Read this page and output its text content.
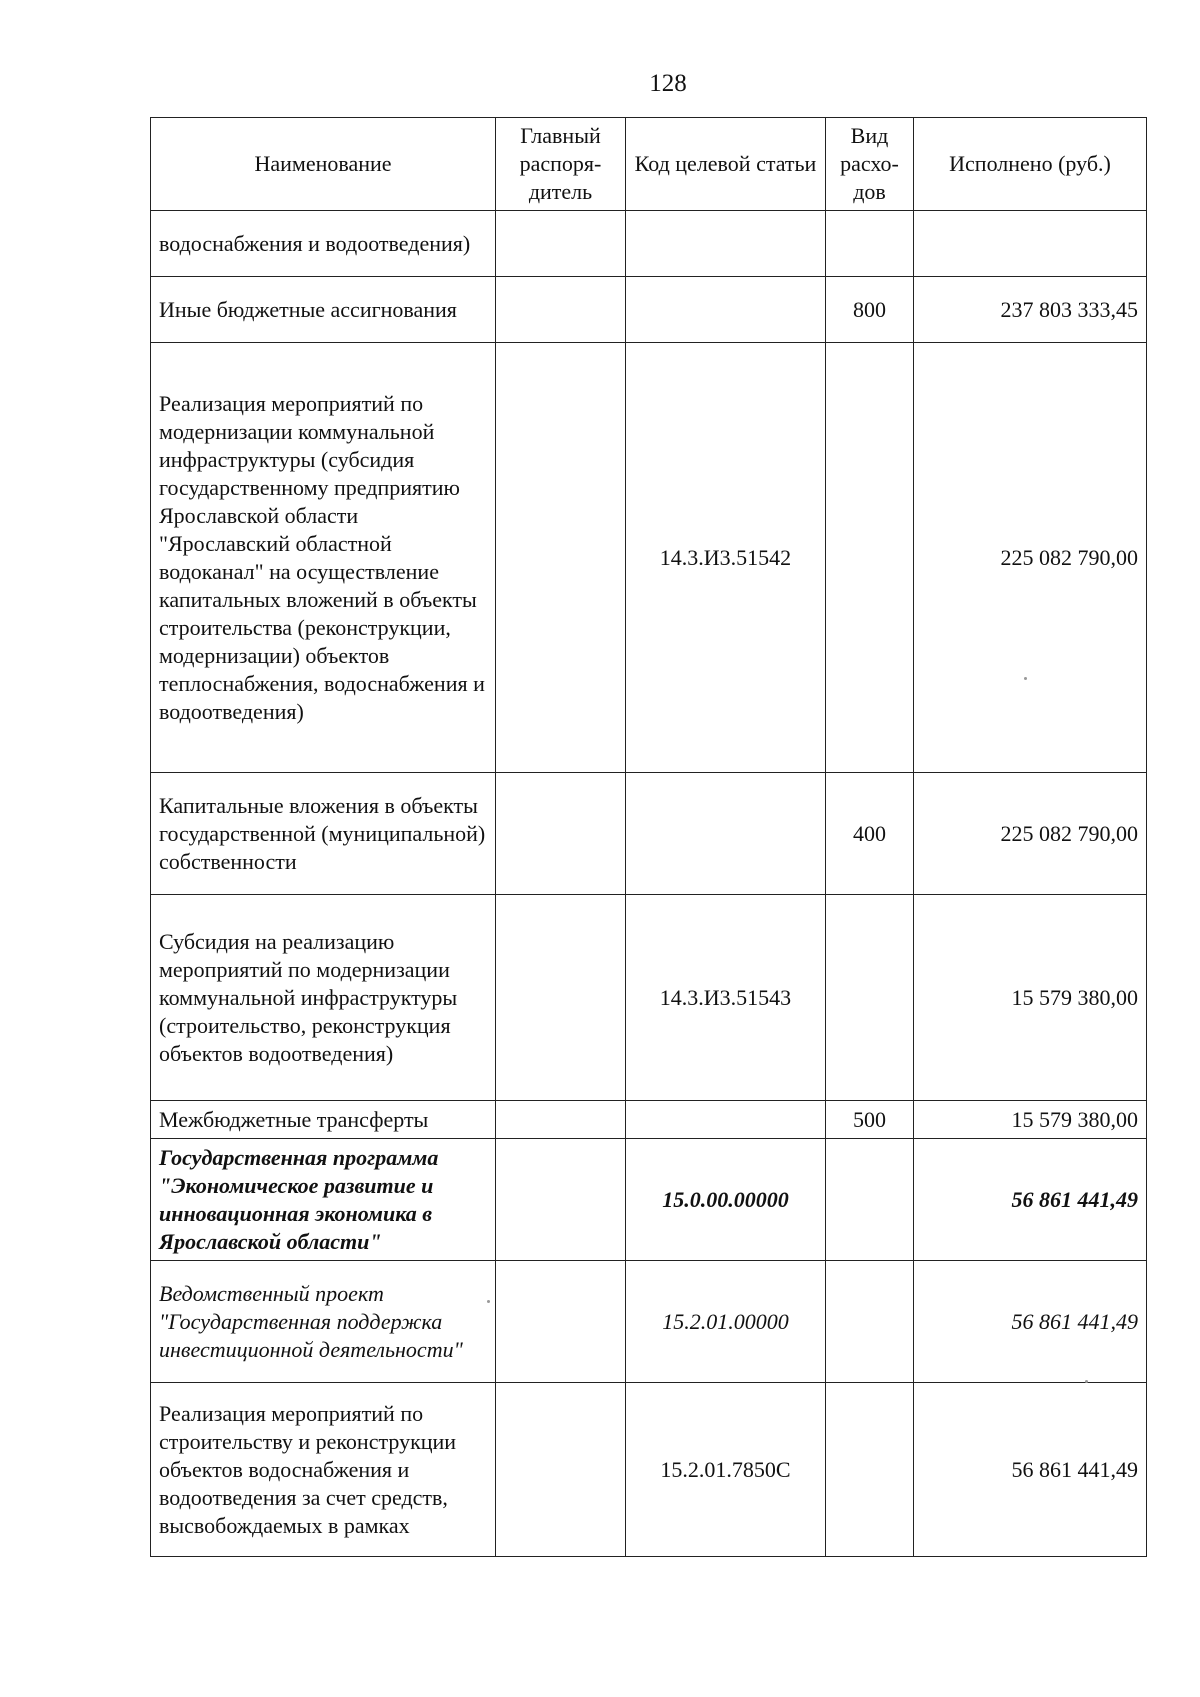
128
Наименование	Главный распоря-дитель	Код целевой статьи	Вид расхо-дов	Исполнено (руб.)
водоснабжения и водоотведения)				
Иные бюджетные ассигнования			800	237 803 333,45
Реализация мероприятий по модернизации коммунальной инфраструктуры (субсидия государственному предприятию Ярославской области "Ярославский областной водоканал" на осуществление капитальных вложений в объекты строительства (реконструкции, модернизации) объектов теплоснабжения, водоснабжения и водоотведения)		14.3.И3.51542		225 082 790,00
Капитальные вложения в объекты государственной (муниципальной) собственности			400	225 082 790,00
Субсидия на реализацию мероприятий по модернизации коммунальной инфраструктуры (строительство, реконструкция объектов водоотведения)		14.3.И3.51543		15 579 380,00
Межбюджетные трансферты			500	15 579 380,00
Государственная программа "Экономическое развитие и инновационная экономика в Ярославской области"		15.0.00.00000		56 861 441,49
Ведомственный проект "Государственная поддержка инвестиционной деятельности"		15.2.01.00000		56 861 441,49
Реализация мероприятий по строительству и реконструкции объектов водоснабжения и водоотведения за счет средств, высвобождаемых в рамках		15.2.01.7850С		56 861 441,49
